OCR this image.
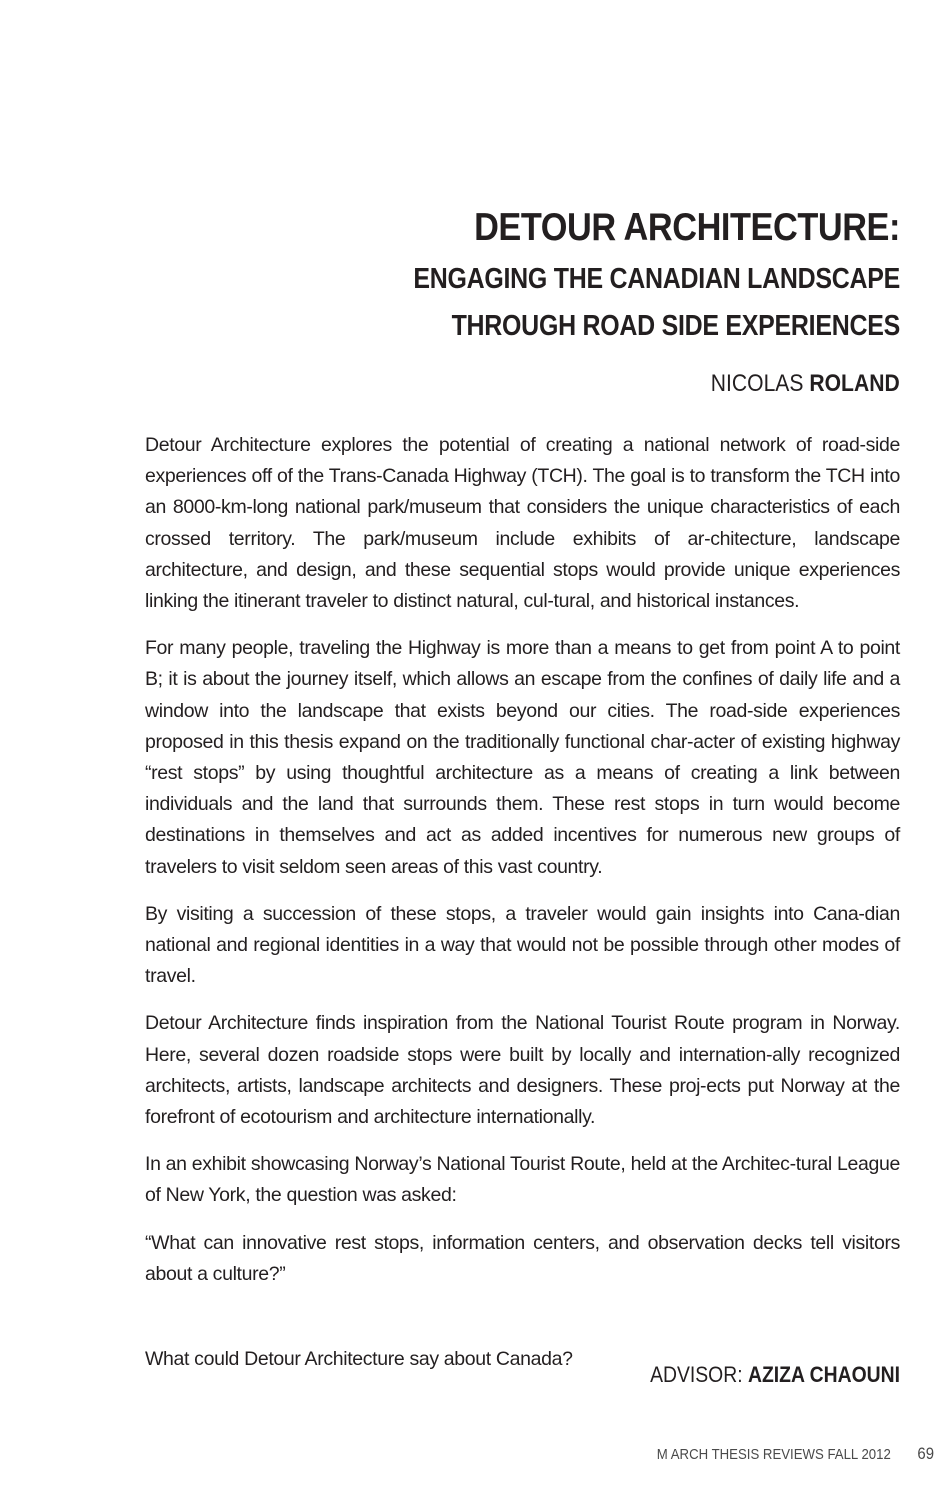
DETOUR ARCHITECTURE:
ENGAGING THE CANADIAN LANDSCAPE
THROUGH ROAD SIDE EXPERIENCES
NICOLAS ROLAND

Detour Architecture explores the potential of creating a national network of road-side experiences off of the Trans-Canada Highway (TCH). The goal is to transform the TCH into an 8000-km-long national park/museum that considers the unique characteristics of each crossed territory. The park/museum include exhibits of ar-chitecture, landscape architecture, and design, and these sequential stops would provide unique experiences linking the itinerant traveler to distinct natural, cul-tural, and historical instances.

For many people, traveling the Highway is more than a means to get from point A to point B; it is about the journey itself, which allows an escape from the confines of daily life and a window into the landscape that exists beyond our cities. The road-side experiences proposed in this thesis expand on the traditionally functional char-acter of existing highway “rest stops” by using thoughtful architecture as a means of creating a link between individuals and the land that surrounds them. These rest stops in turn would become destinations in themselves and act as added incentives for numerous new groups of travelers to visit seldom seen areas of this vast country.

By visiting a succession of these stops, a traveler would gain insights into Cana-dian national and regional identities in a way that would not be possible through other modes of travel.

Detour Architecture finds inspiration from the National Tourist Route program in Norway. Here, several dozen roadside stops were built by locally and internation-ally recognized architects, artists, landscape architects and designers. These proj-ects put Norway at the forefront of ecotourism and architecture internationally.

In an exhibit showcasing Norway’s National Tourist Route, held at the Architec-tural League of New York, the question was asked:

“What can innovative rest stops, information centers, and observation decks tell visitors about a culture?”

What could Detour Architecture say about Canada?
ADVISOR: AZIZA CHAOUNI
M ARCH THESIS REVIEWS FALL 2012 69
